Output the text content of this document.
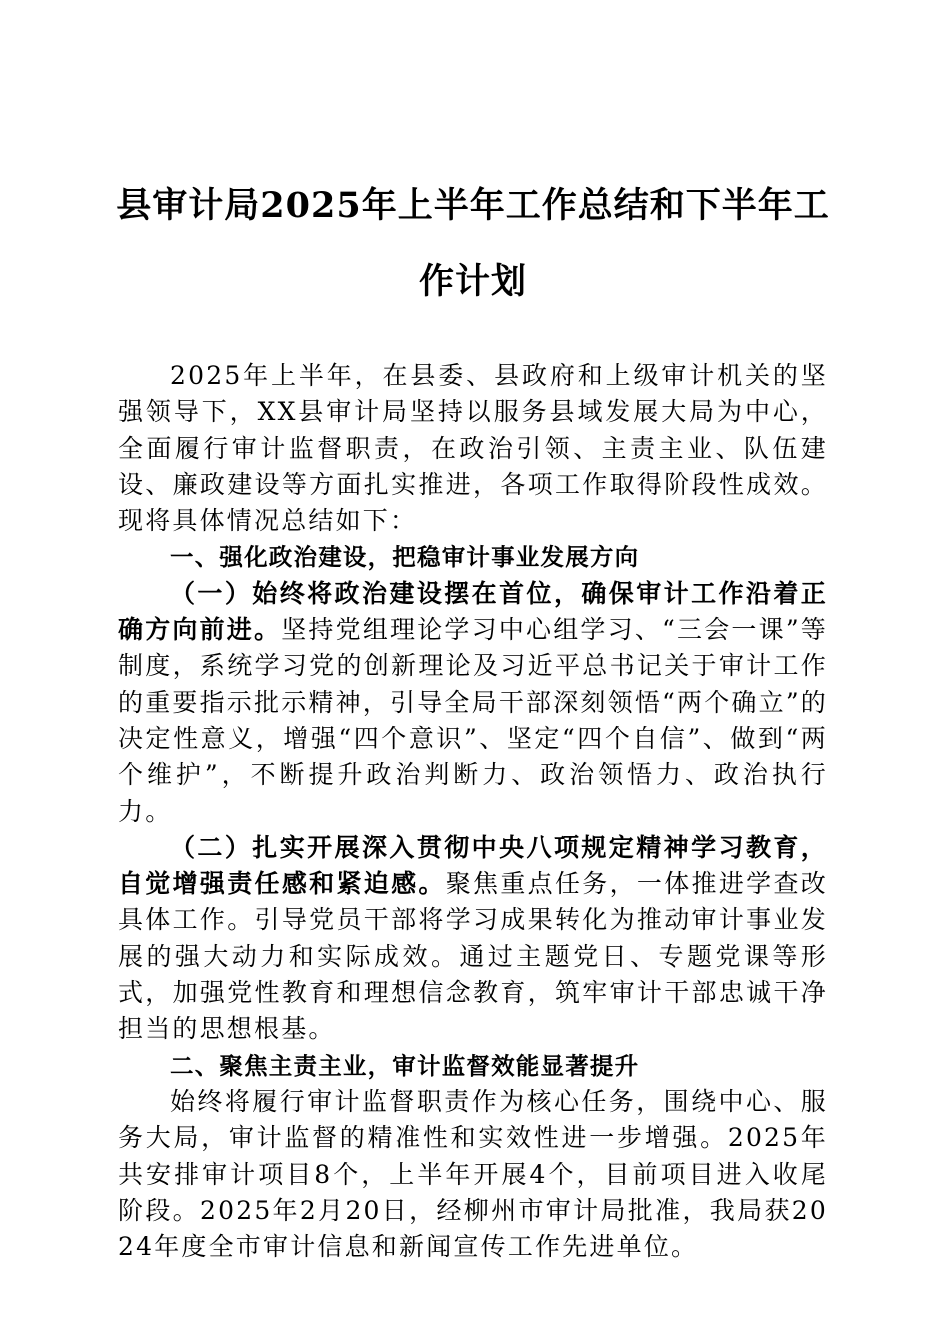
县审计局2025年上半年工作总结和下半年工作计划

2025年上半年，在县委、县政府和上级审计机关的坚强领导下，XX县审计局坚持以服务县域发展大局为中心，全面履行审计监督职责，在政治引领、主责主业、队伍建设、廉政建设等方面扎实推进，各项工作取得阶段性成效。现将具体情况总结如下：

一、强化政治建设，把稳审计事业发展方向

（一）始终将政治建设摆在首位，确保审计工作沿着正确方向前进。坚持党组理论学习中心组学习、“三会一课”等制度，系统学习党的创新理论及习近平总书记关于审计工作的重要指示批示精神，引导全局干部深刻领悟“两个确立”的决定性意义，增强“四个意识”、坚定“四个自信”、做到“两个维护”，不断提升政治判断力、政治领悟力、政治执行力。

（二）扎实开展深入贯彻中央八项规定精神学习教育，自觉增强责任感和紧迫感。聚焦重点任务，一体推进学查改具体工作。引导党员干部将学习成果转化为推动审计事业发展的强大动力和实际成效。通过主题党日、专题党课等形式，加强党性教育和理想信念教育，筑牢审计干部忠诚干净担当的思想根基。

二、聚焦主责主业，审计监督效能显著提升

始终将履行审计监督职责作为核心任务，围绕中心、服务大局，审计监督的精准性和实效性进一步增强。2025年共安排审计项目8个，上半年开展4个，目前项目进入收尾阶段。2025年2月20日，经柳州市审计局批准，我局获2024年度全市审计信息和新闻宣传工作先进单位。
